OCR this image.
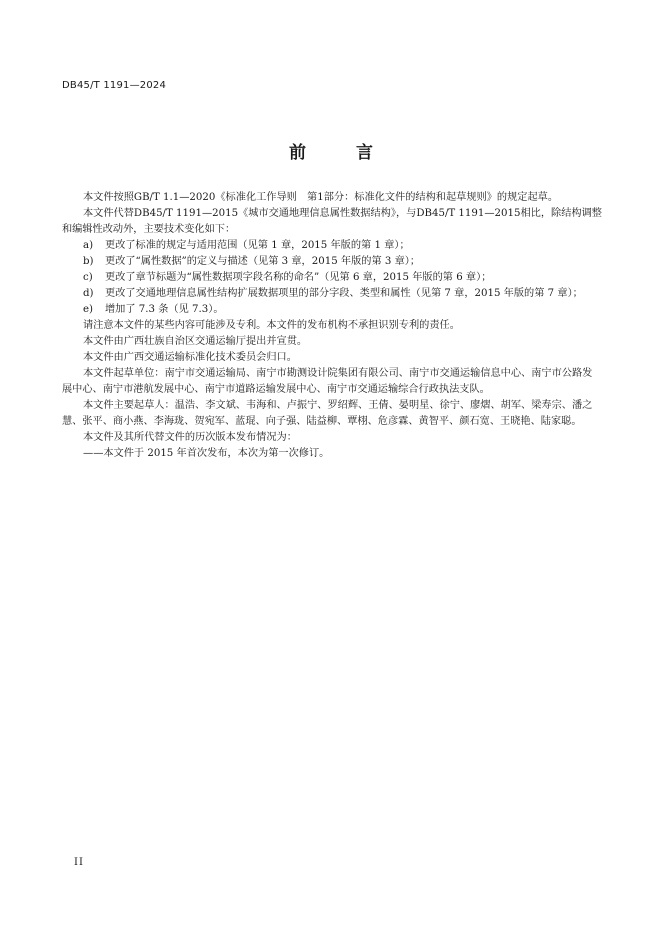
DB45/T 1191—2024
前 言

本文件按照GB/T 1.1—2020《标准化工作导则　第1部分：标准化文件的结构和起草规则》的规定起草。

本文件代替DB45/T 1191—2015《城市交通地理信息属性数据结构》，与DB45/T 1191—2015相比，除结构调整和编辑性改动外，主要技术变化如下：

a)	更改了标准的规定与适用范围（见第 1 章，2015 年版的第 1 章）；
b)	更改了“属性数据”的定义与描述（见第 3 章，2015 年版的第 3 章）；
c)	更改了章节标题为“属性数据项字段名称的命名”（见第 6 章，2015 年版的第 6 章）；
d)	更改了交通地理信息属性结构扩展数据项里的部分字段、类型和属性（见第 7 章，2015 年版的第 7 章）；
e)	增加了 7.3 条（见 7.3）。

请注意本文件的某些内容可能涉及专利。本文件的发布机构不承担识别专利的责任。

本文件由广西壮族自治区交通运输厅提出并宣贯。

本文件由广西交通运输标准化技术委员会归口。

本文件起草单位：南宁市交通运输局、南宁市勘测设计院集团有限公司、南宁市交通运输信息中心、南宁市公路发展中心、南宁市港航发展中心、南宁市道路运输发展中心、南宁市交通运输综合行政执法支队。

本文件主要起草人：温浩、李文斌、韦海和、卢振宁、罗绍辉、王倩、晏明星、徐宁、廖熠、胡军、梁寿宗、潘之慧、张平、商小燕、李海珑、贺宛军、蓝琨、向子强、陆益柳、覃栩、危彦霖、黄智平、颜石宽、王晓艳、陆家聪。

本文件及其所代替文件的历次版本发布情况为：

——本文件于 2015 年首次发布，本次为第一次修订。

II
